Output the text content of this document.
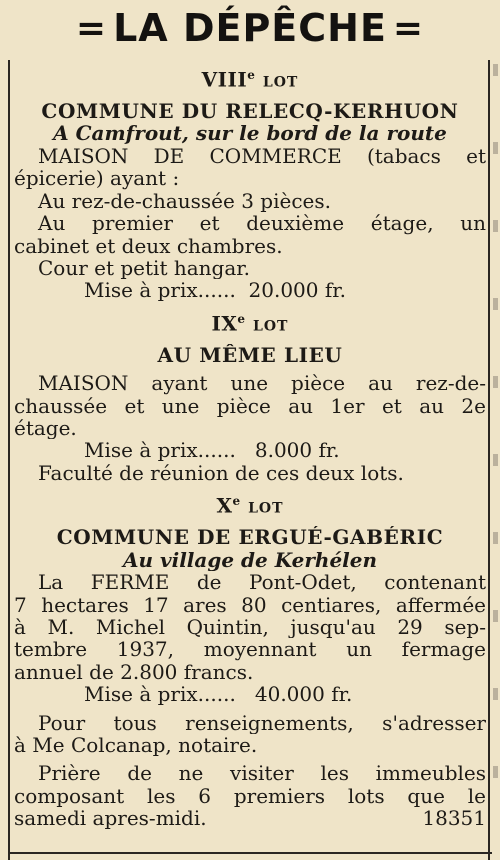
= LA DÉPÊCHE =
$VIII^e$ LOT
COMMUNE DU RELECQ-KERHUON
A Camfrout, sur le bord de la route
MAISON DE COMMERCE (tabacs et
épicerie) ayant :
Au rez-de-chaussée 3 pièces.
Au premier et deuxième étage, un
cabinet et deux chambres.
Cour et petit hangar.
Mise à prix...... 20.000 fr.
IXe LOT
AU MÊME LIEU
MAISON ayant une pièce au rez-de-
chaussée et une pièce au 1er et au 2e
étage.
Mise à prix...... 8.000 fr.
Faculté de réunion de ces deux lots.
Xe LOT
COMMUNE DE ERGUÉ-GABÉRIC
Au village de Kerhélen
La FERME de Pont-Odet, contenant
7 hectares 17 ares 80 centiares, affermée
à M. Michel Quintin, jusqu'au 29 sep-
tembre 1937, moyennant un fermage
annuel de 2.800 francs.
Mise à prix...... 40.000 fr.
Pour tous renseignements, s'adresser
à Me Colcanap, notaire.
Prière de ne visiter les immeubles
composant les 6 premiers lots que le
samedi apres-midi.	18351
